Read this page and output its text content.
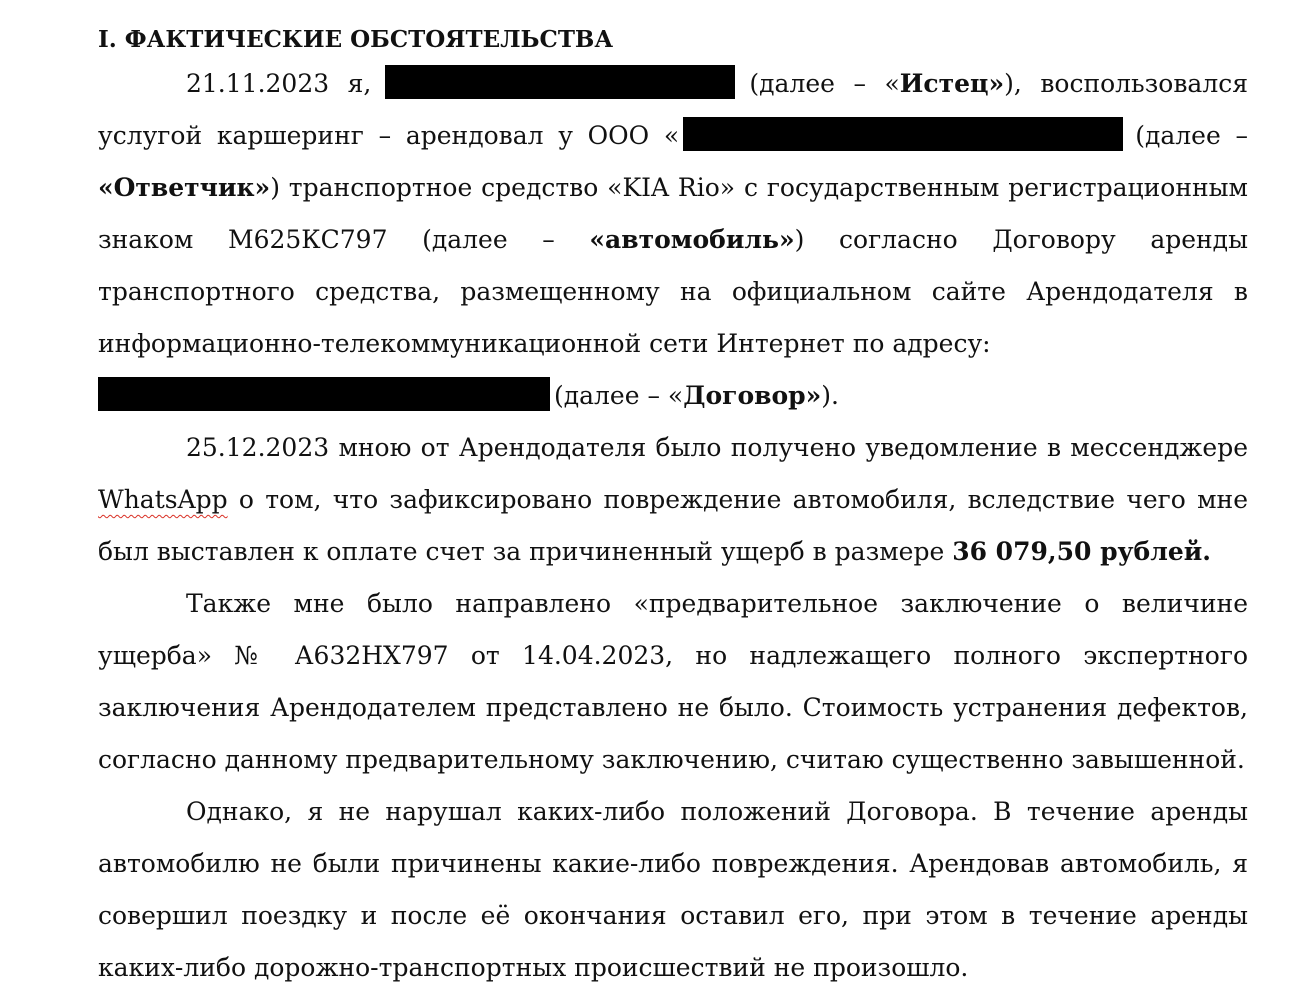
I. ФАКТИЧЕСКИЕ ОБСТОЯТЕЛЬСТВА

21.11.2023 я,	(далее – «Истец»), воспользовался услугой каршеринг – арендовал у ООО «	(далее – «Ответчик») транспортное средство «KIA Rio» с государственным регистрационным знаком М625КС797 (далее – «автомобиль») согласно Договору аренды транспортного средства, размещенному на официальном сайте Арендодателя в информационно-телекоммуникационной сети Интернет по адресу:
(далее – «Договор»).

25.12.2023 мною от Арендодателя было получено уведомление в мессенджере WhatsApp о том, что зафиксировано повреждение автомобиля, вследствие чего мне был выставлен к оплате счет за причиненный ущерб в размере 36 079,50 рублей.

Также мне было направлено «предварительное заключение о величине ущерба» № А632НХ797 от 14.04.2023, но надлежащего полного экспертного заключения Арендодателем представлено не было. Стоимость устранения дефектов, согласно данному предварительному заключению, считаю существенно завышенной.

Однако, я не нарушал каких-либо положений Договора. В течение аренды автомобилю не были причинены какие-либо повреждения. Арендовав автомобиль, я совершил поездку и после её окончания оставил его, при этом в течение аренды каких-либо дорожно-транспортных происшествий не произошло.
